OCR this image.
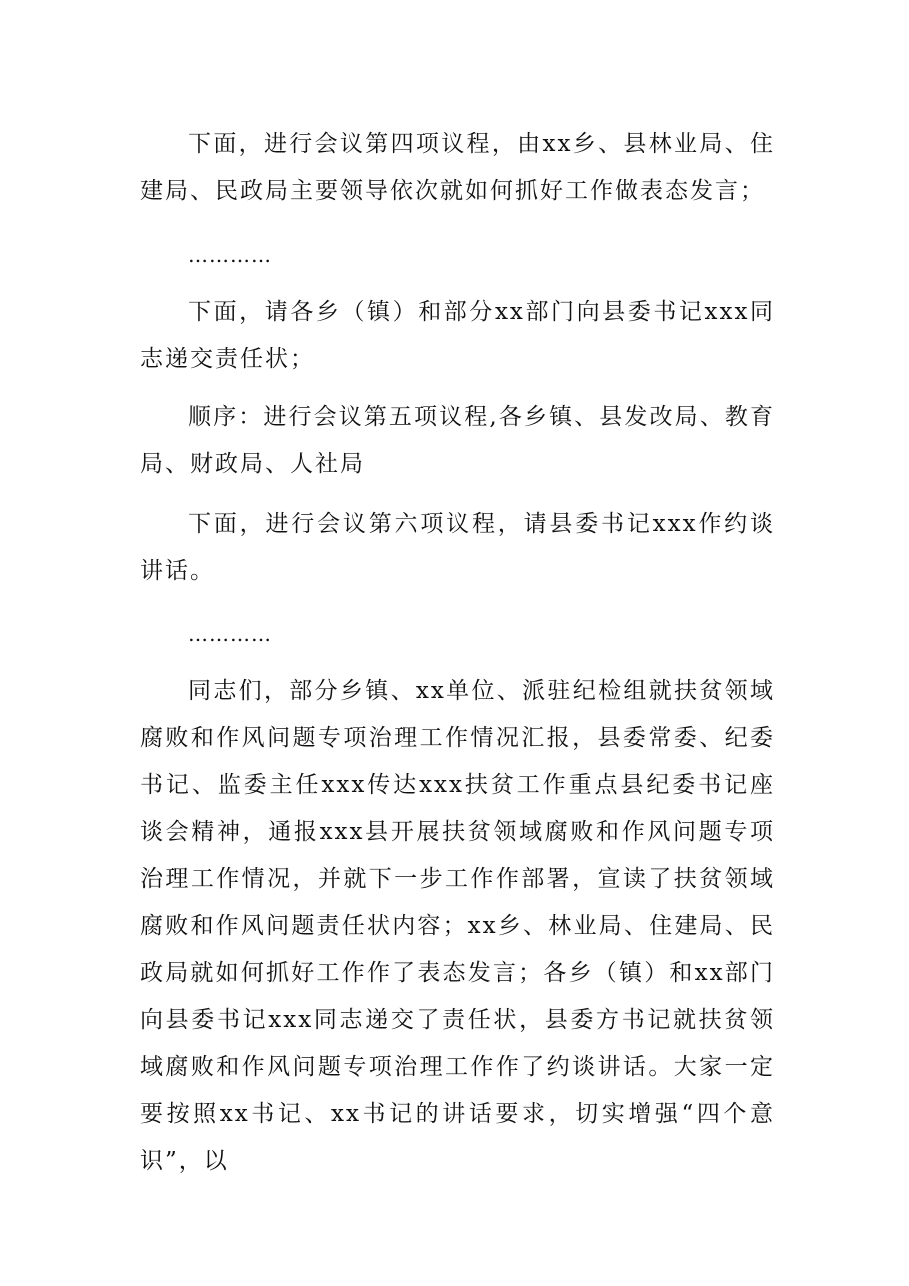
下面，进行会议第四项议程，由xx乡、县林业局、住建局、民政局主要领导依次就如何抓好工作做表态发言；

…………

下面，请各乡（镇）和部分xx部门向县委书记xxx同志递交责任状；

顺序：进行会议第五项议程,各乡镇、县发改局、教育局、财政局、人社局

下面，进行会议第六项议程，请县委书记xxx作约谈讲话。

…………

同志们，部分乡镇、xx单位、派驻纪检组就扶贫领域腐败和作风问题专项治理工作情况汇报，县委常委、纪委书记、监委主任xxx传达xxx扶贫工作重点县纪委书记座谈会精神，通报xxx县开展扶贫领域腐败和作风问题专项治理工作情况，并就下一步工作作部署，宣读了扶贫领域腐败和作风问题责任状内容；xx乡、林业局、住建局、民政局就如何抓好工作作了表态发言；各乡（镇）和xx部门向县委书记xxx同志递交了责任状，县委方书记就扶贫领域腐败和作风问题专项治理工作作了约谈讲话。大家一定要按照xx书记、xx书记的讲话要求，切实增强“四个意识”，以
